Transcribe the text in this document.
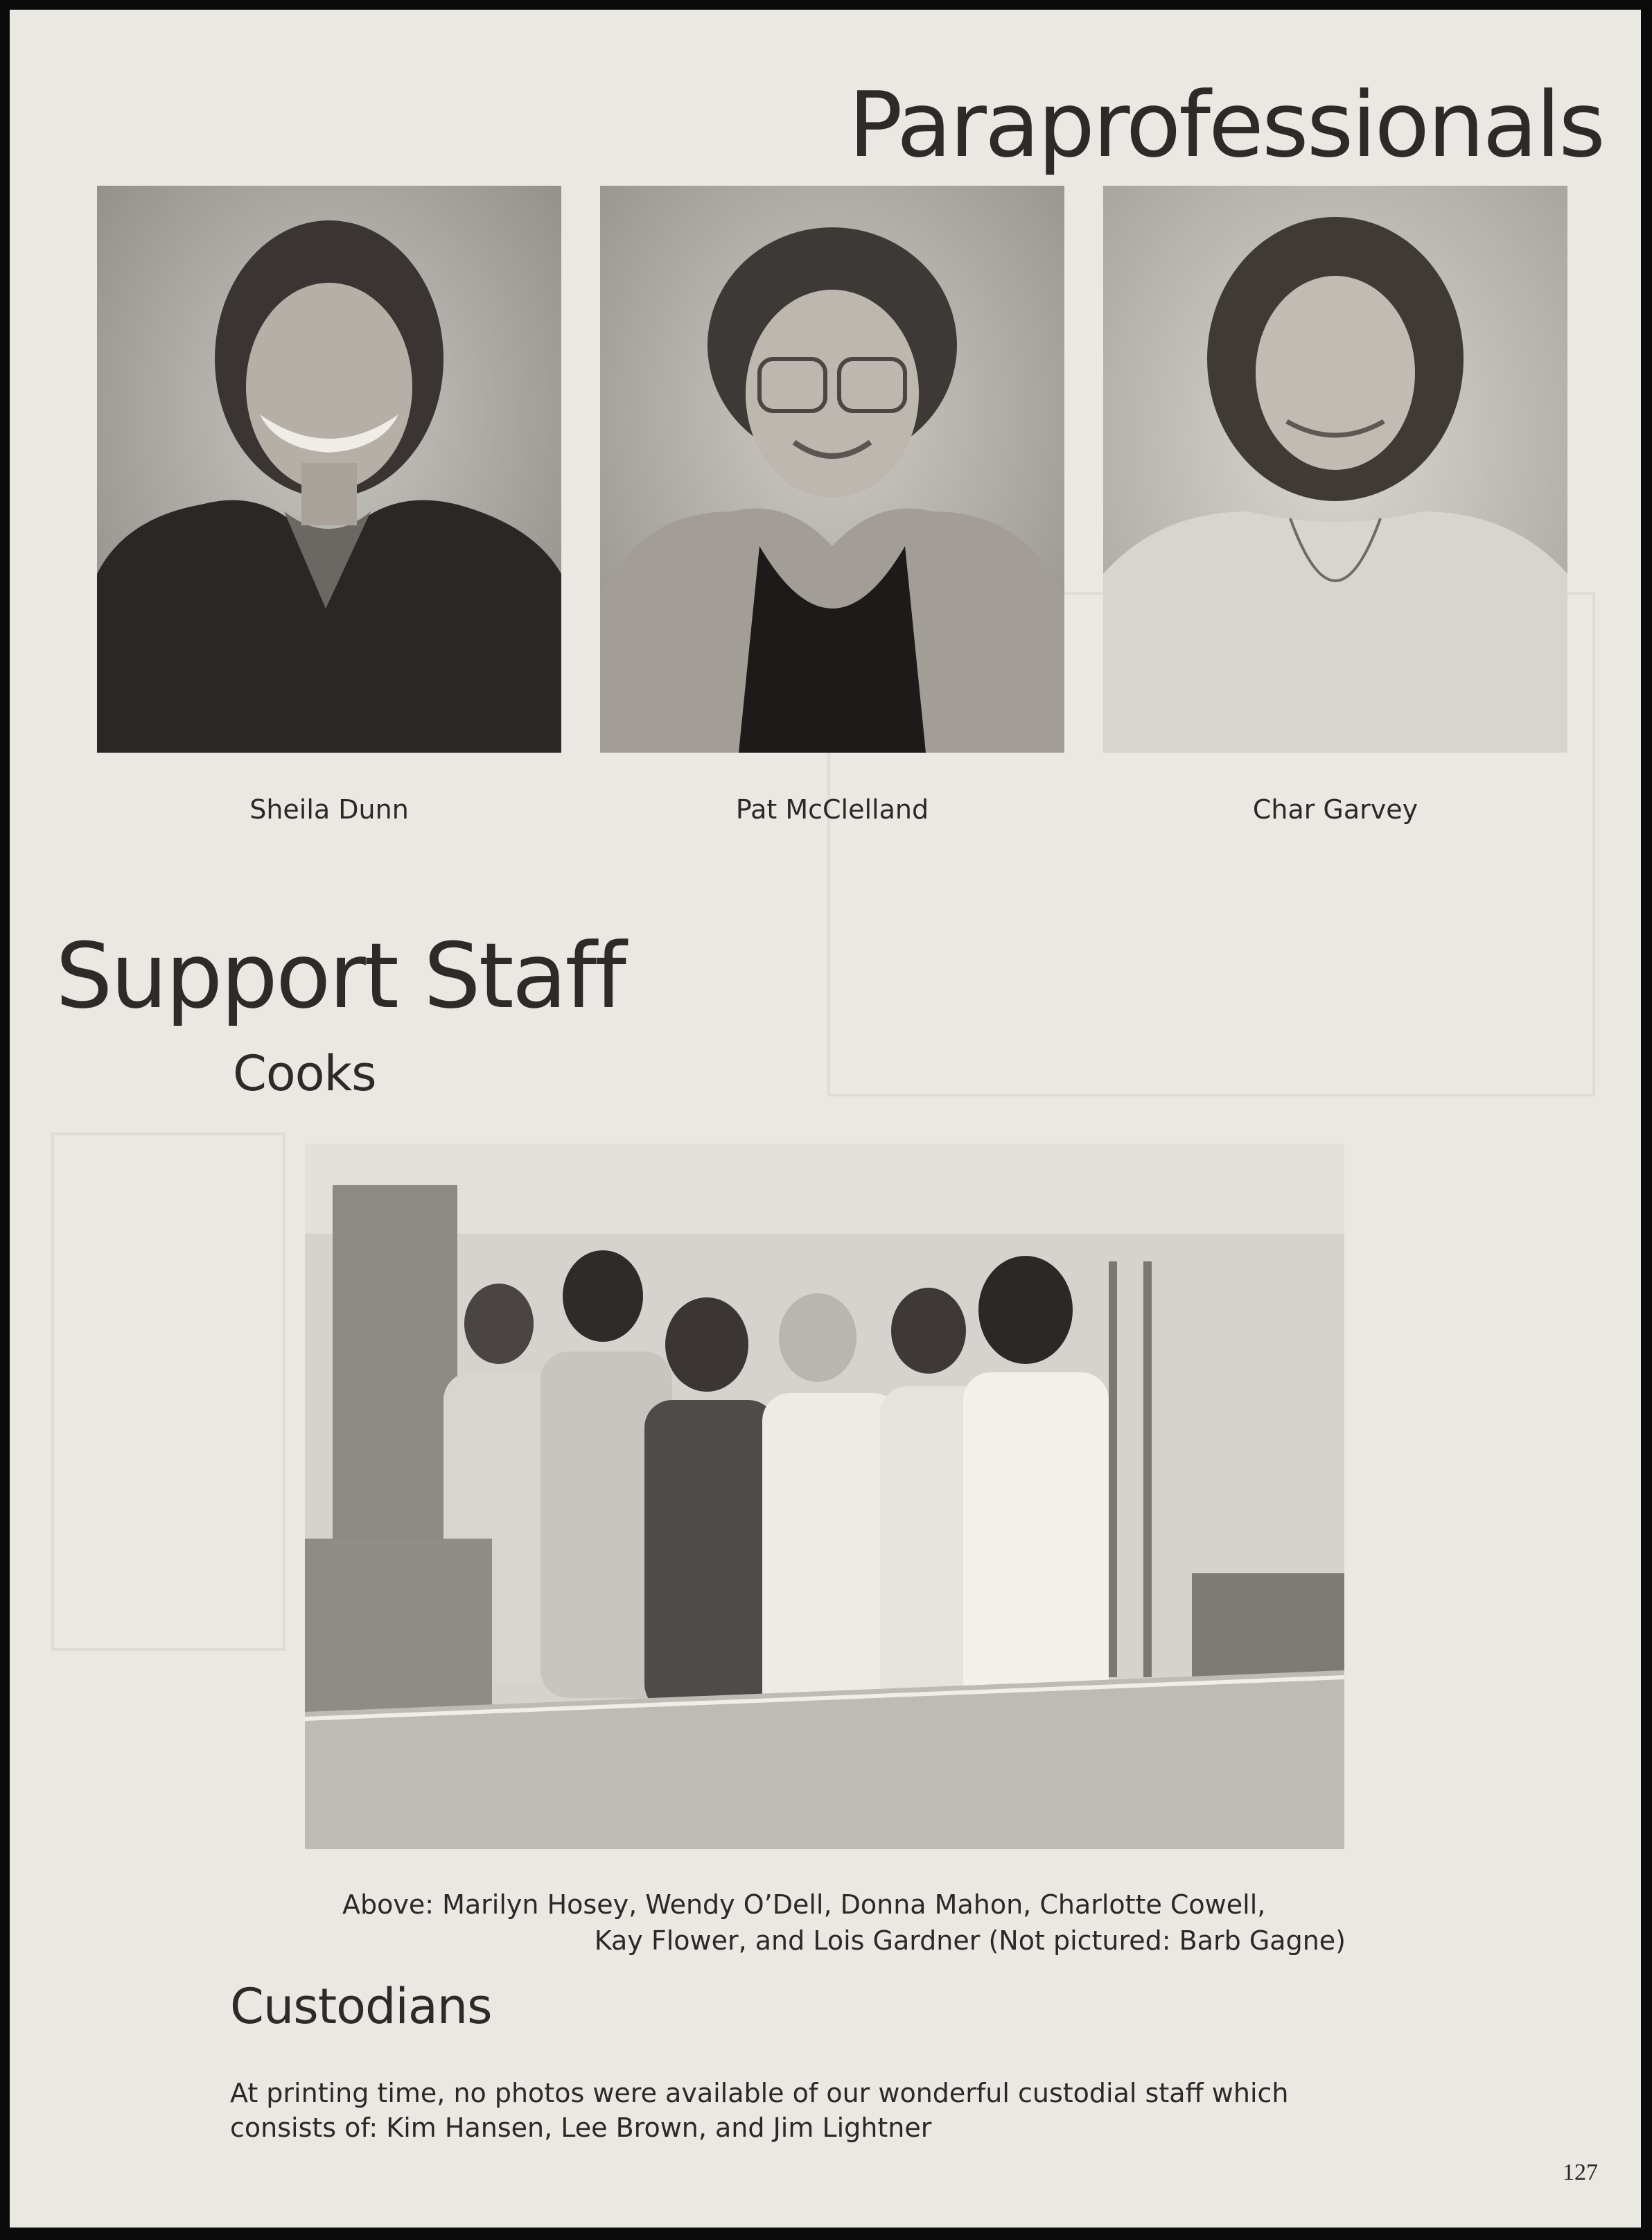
Paraprofessionals
Sheila Dunn	Pat McClelland	Char Garvey
Support Staff
Cooks
Above: Marilyn Hosey, Wendy O’Dell, Donna Mahon, Charlotte Cowell,
Kay Flower, and Lois Gardner (Not pictured: Barb Gagne)
Custodians
At printing time, no photos were available of our wonderful custodial staff which
consists of: Kim Hansen, Lee Brown, and Jim Lightner
127
